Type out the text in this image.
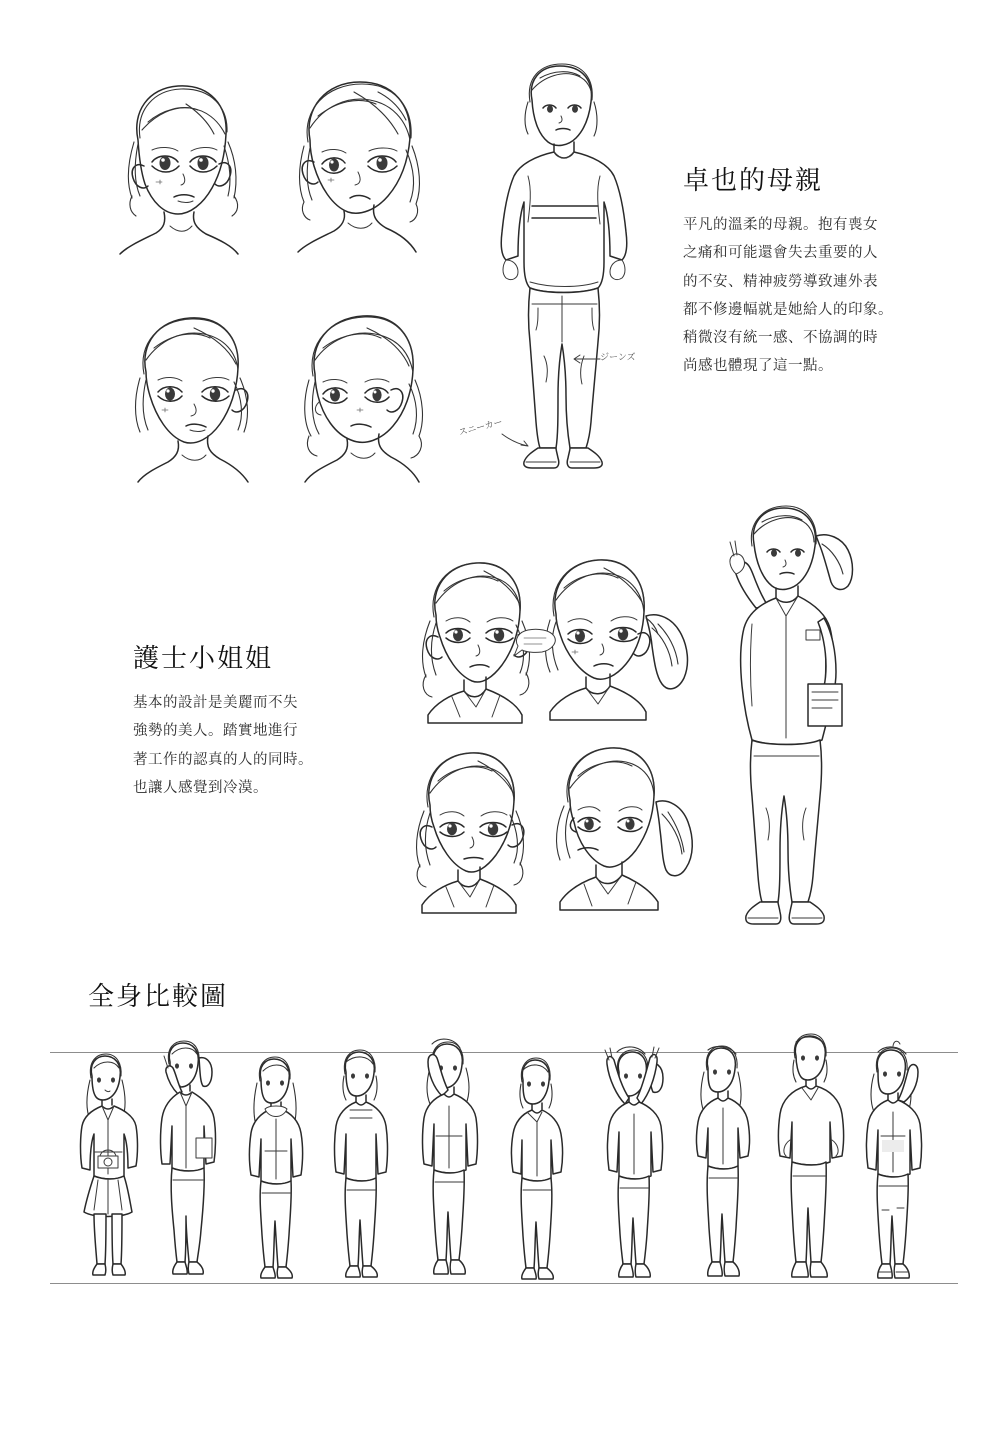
ジーンズ
スニーカー
卓也的母親
平凡的溫柔的母親。抱有喪女
之痛和可能還會失去重要的人
的不安、精神疲勞導致連外表
都不修邊幅就是她給人的印象。
稍微沒有統一感、不協調的時
尚感也體現了這一點。
護士小姐姐
基本的設計是美麗而不失
強勢的美人。踏實地進行
著工作的認真的人的同時。
也讓人感覺到冷漠。
全身比較圖
